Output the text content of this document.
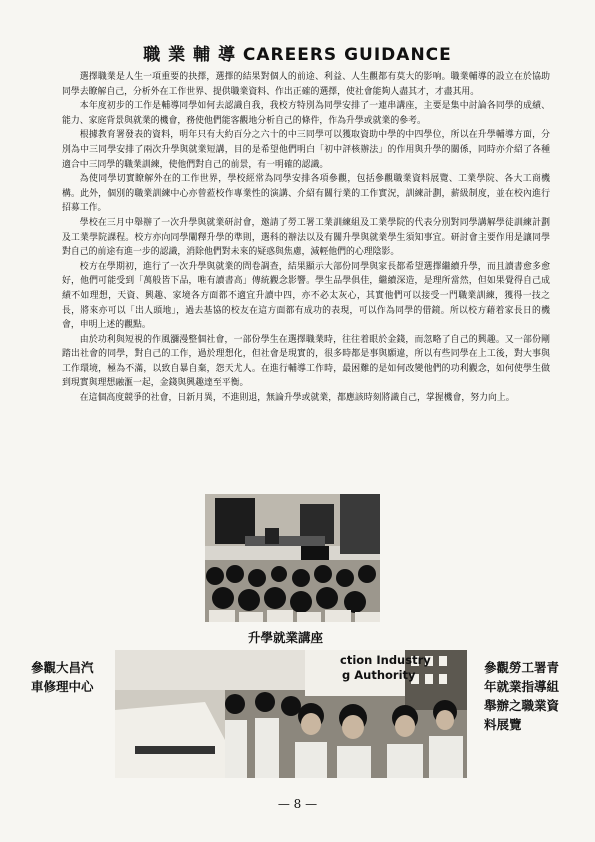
職 業 輔 導 CAREERS GUIDANCE

選擇職業是人生一項重要的抉擇，選擇的結果對個人的前途、利益、人生觀都有莫大的影响。職業輔導的設立在於協助同學去瞭解自己，分析外在工作世界、提供職業資料、作出正確的選擇，使社會能夠人盡其才，才盡其用。

本年度初步的工作是輔導同學如何去認識自我，我校方特別為同學安排了一連串講座，主要是集中討論各同學的成績、能力、家庭背景與就業的機會，務使他們能客觀地分析自己的條件，作為升學或就業的參考。

根據教育署發表的資料，明年只有大約百分之六十的中三同學可以獲取資助中學的中四學位，所以在升學輔導方面，分別為中三同學安排了兩次升學與就業短講，目的是希望他們明白「初中評核辦法」的作用與升學的關係，同時亦介紹了各種適合中三同學的職業訓練，使他們對自己的前景，有一明確的認識。

為使同學切實瞭解外在的工作世界，學校經常為同學安排各項參觀，包括參觀職業資料展覽、工業學院、各大工商機構。此外，個別的職業訓練中心亦曾蒞校作專業性的演講、介紹有關行業的工作實況，訓練計劃，薪級制度，並在校內進行招募工作。

學校在三月中舉辦了一次升學與就業研討會，邀請了勞工署工業訓練組及工業學院的代表分別對同學講解學徒訓練計劃及工業學院課程。校方亦向同學闡釋升學的準則，選科的辦法以及有關升學與就業學生須知事宜。研討會主要作用是讓同學對自己的前途有進一步的認識，消除他們對未來的疑惑與焦慮，減輕他們的心理陰影。

校方在學期初，進行了一次升學與就業的問卷調查，結果顯示大部份同學與家長都希望選擇繼續升學，而且讀書愈多愈好，他們可能受到「萬般皆下品，唯有讀書高」傳統觀念影響。學生品學俱佳，繼續深造，是理所當然，但如果覺得自己成績不如理想，天資、興趣、家境各方面都不適宜升讀中四，亦不必太灰心，其實他們可以接受一門職業訓練，獲得一技之長，將來亦可以「出人頭地」，過去基協的校友在這方面都有成功的表現，可以作為同學的借鏡。所以校方藉着家長日的機會，申明上述的觀點。

由於功利與短視的作風瀰漫整個社會，一部份學生在選擇職業時，往往着眼於金錢，而忽略了自己的興趣。又一部份剛踏出社會的同學，對自己的工作，過於理想化，但社會是現實的，很多時都是事與願違，所以有些同學在上工後，對大事與工作環境，極為不滿，以致自暴自棄，怨天尤人。在進行輔導工作時，最困難的是如何改變他們的功利觀念，如何使學生做到現實與理想融滙一起，金錢與興趣達至平衡。

在這個高度競爭的社會，日新月異，不進則退，無論升學或就業，都應該時刻將識自己，掌握機會，努力向上。

升學就業講座
ction Industry
g Authority
參觀大昌汽
車修理中心
參觀勞工署青
年就業指導組
舉辦之職業資
料展覽
— 8 —
